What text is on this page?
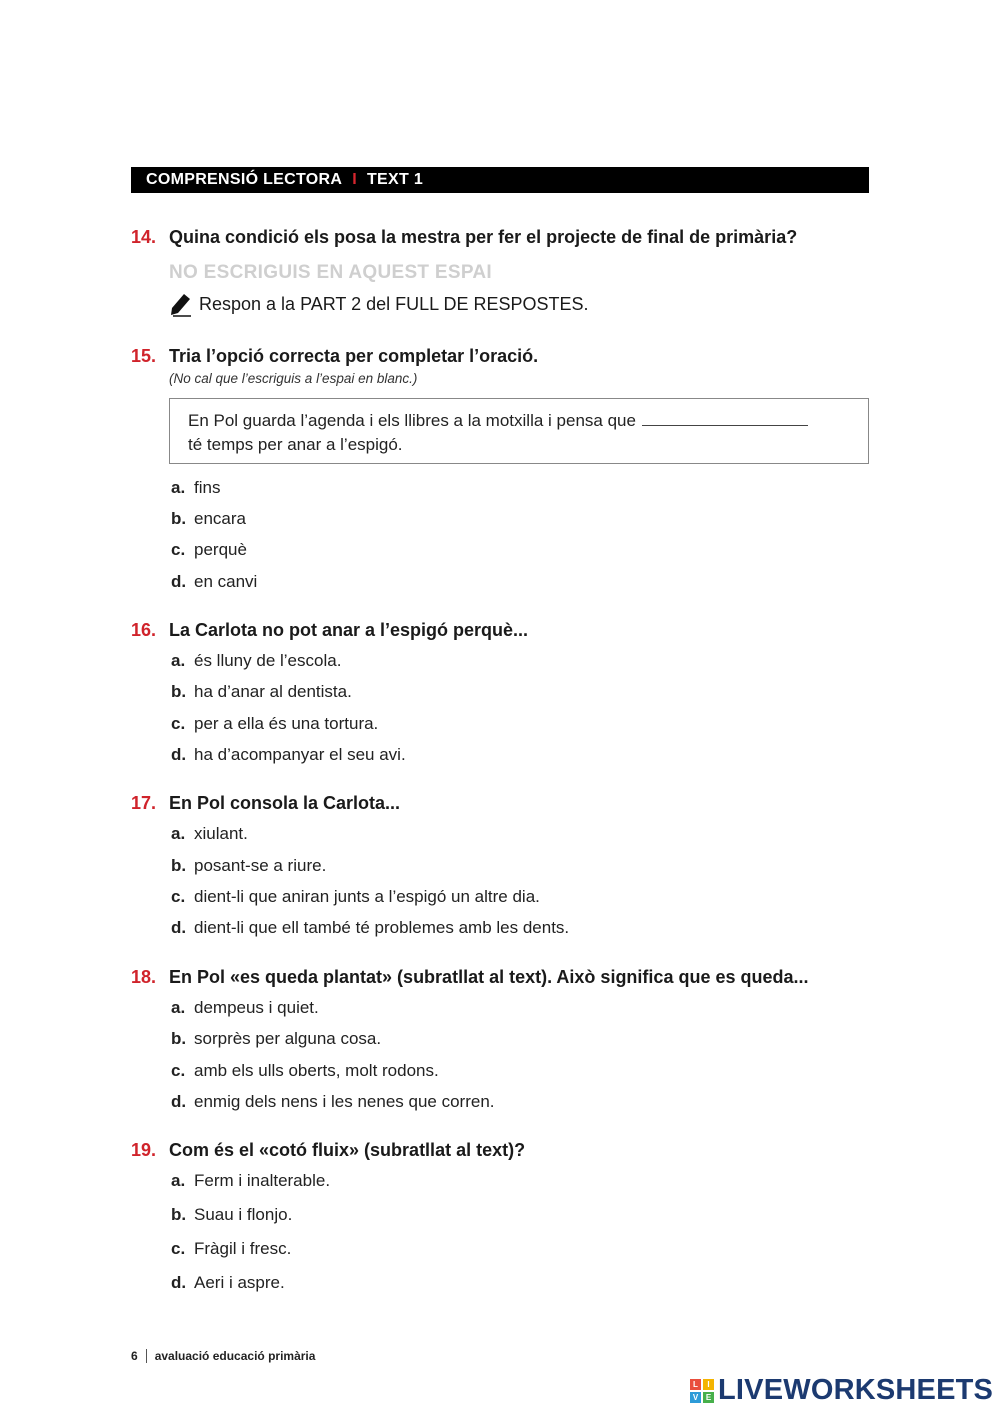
COMPRENSIÓ LECTORA I TEXT 1
14. Quina condició els posa la mestra per fer el projecte de final de primària?
NO ESCRIGUIS EN AQUEST ESPAI
Respon a la PART 2 del FULL DE RESPOSTES.
15. Tria l’opció correcta per completar l’oració.
(No cal que l’escriguis a l’espai en blanc.)
En Pol guarda l’agenda i els llibres a la motxilla i pensa que
té temps per anar a l’espigó.
a. fins
b. encara
c. perquè
d. en canvi
16. La Carlota no pot anar a l’espigó perquè...
a. és lluny de l’escola.
b. ha d’anar al dentista.
c. per a ella és una tortura.
d. ha d’acompanyar el seu avi.
17. En Pol consola la Carlota...
a. xiulant.
b. posant-se a riure.
c. dient-li que aniran junts a l’espigó un altre dia.
d. dient-li que ell també té problemes amb les dents.
18. En Pol «es queda plantat» (subratllat al text). Això significa que es queda...
a. dempeus i quiet.
b. sorprès per alguna cosa.
c. amb els ulls oberts, molt rodons.
d. enmig dels nens i les nenes que corren.
19. Com és el «cotó fluix» (subratllat al text)?
a. Ferm i inalterable.
b. Suau i flonjo.
c. Fràgil i fresc.
d. Aeri i aspre.
6 avaluació educació primària
L	I
V E LIVEWORKSHEETS
